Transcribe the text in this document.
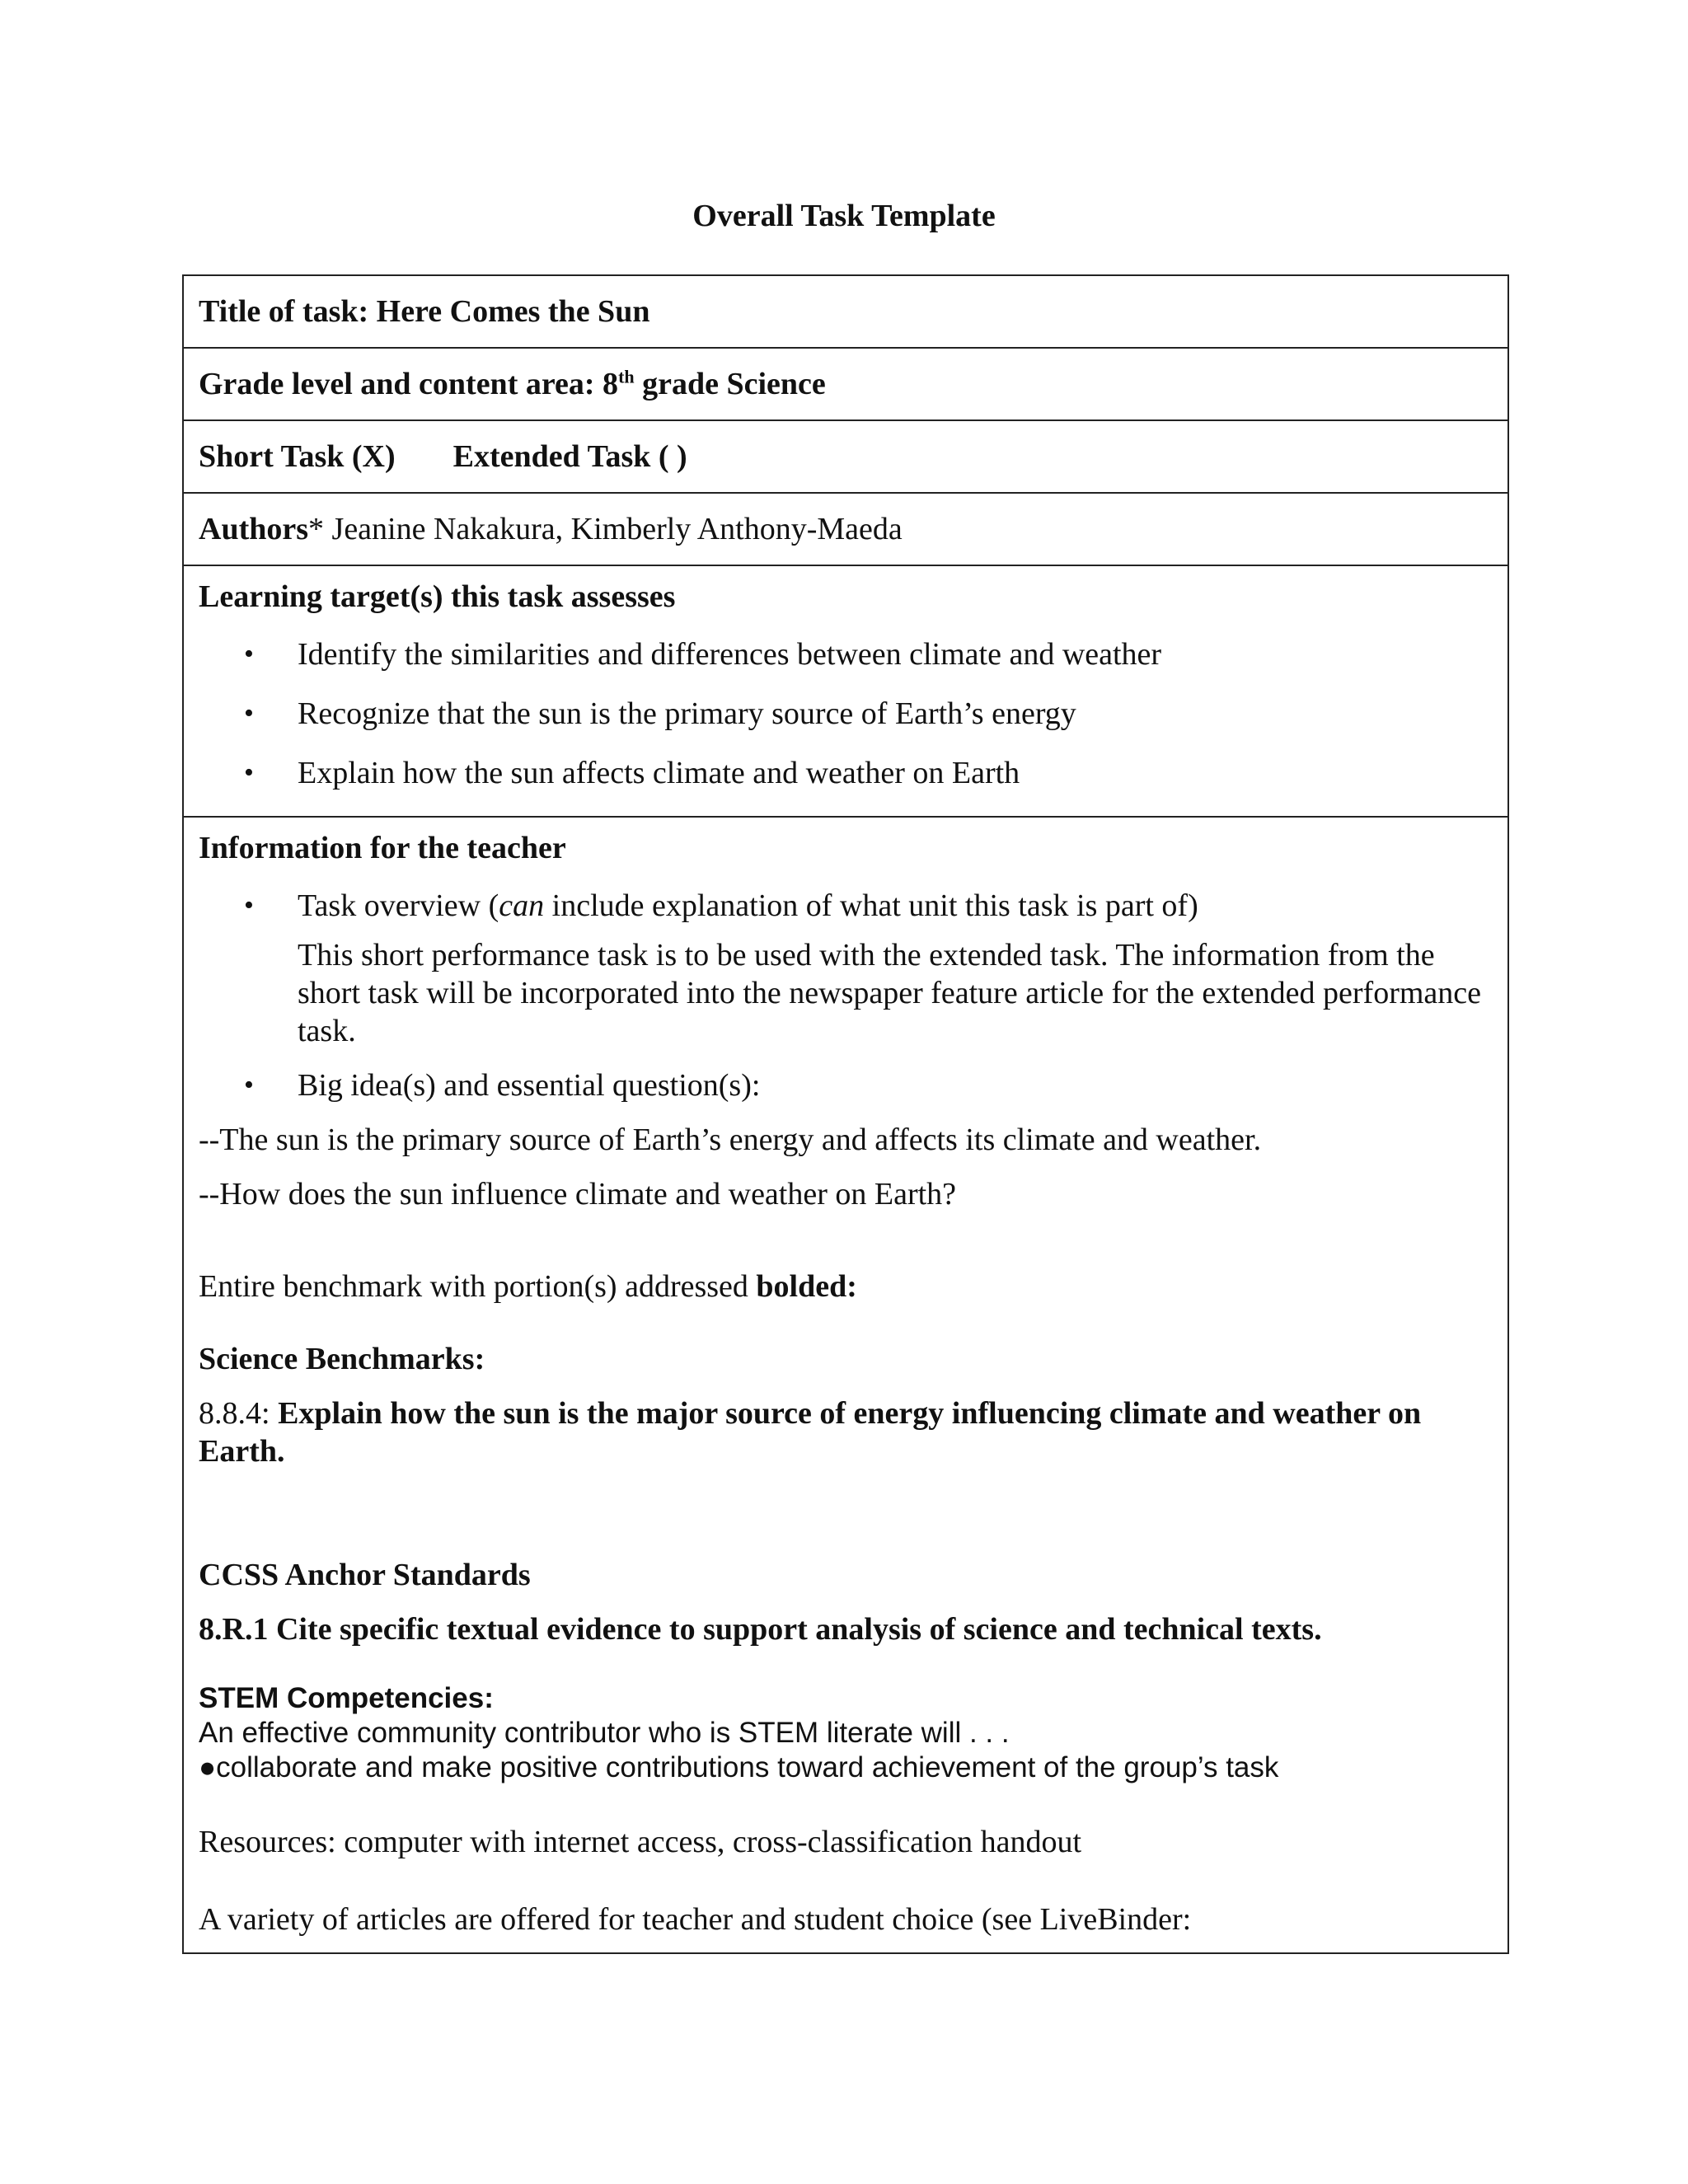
Overall Task Template
Title of task: Here Comes the Sun
Grade level and content area: 8th grade Science
Short Task (X) Extended Task ( )
Authors * Jeanine Nakakura, Kimberly Anthony-Maeda

Learning target(s) this task assesses

• Identify the similarities and differences between climate and weather
• Recognize that the sun is the primary source of Earth’s energy
• Explain how the sun affects climate and weather on Earth

Information for the teacher

• Task overview (can include explanation of what unit this task is part of)

This short performance task is to be used with the extended task. The information from the short task will be incorporated into the newspaper feature article for the extended performance task.

• Big idea(s) and essential question(s):

--The sun is the primary source of Earth’s energy and affects its climate and weather.

--How does the sun influence climate and weather on Earth?

Entire benchmark with portion(s) addressed bolded:

Science Benchmarks:

8.8.4: Explain how the sun is the major source of energy influencing climate and weather on Earth.

CCSS Anchor Standards

8.R.1 Cite specific textual evidence to support analysis of science and technical texts.

STEM Competencies:

An effective community contributor who is STEM literate will . . .

●collaborate and make positive contributions toward achievement of the group’s task

Resources: computer with internet access, cross-classification handout

A variety of articles are offered for teacher and student choice (see LiveBinder:
